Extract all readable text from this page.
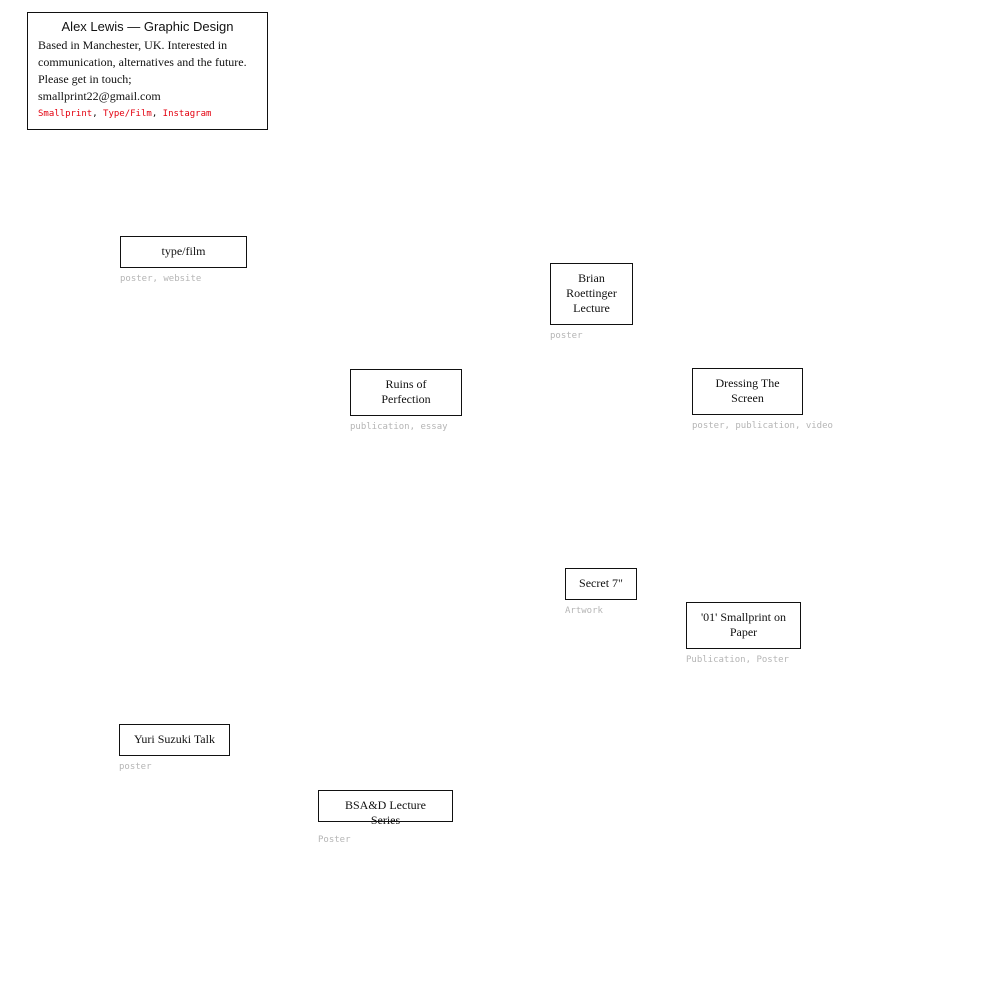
Alex Lewis — Graphic Design
Based in Manchester, UK. Interested in communication, alternatives and the future. Please get in touch; smallprint22@gmail.com
Smallprint, Type/Film, Instagram
type/film
poster, website	Brian Roettinger Lecture
poster
Ruins of Perfection
publication, essay
Dressing The Screen
poster, publication, video
Secret 7"
Artwork	'01' Smallprint on Paper
Publication, Poster
Yuri Suzuki Talk
poster
BSA&D Lecture Series
Poster
